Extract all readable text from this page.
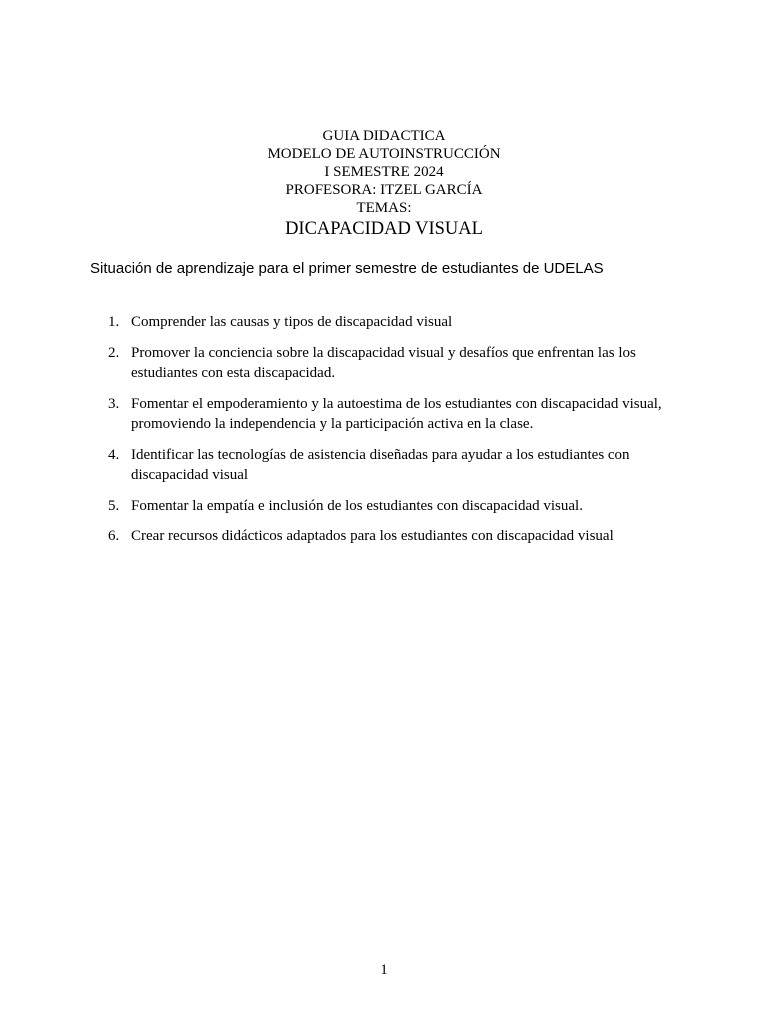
GUIA DIDACTICA
MODELO DE AUTOINSTRUCCIÓN
I SEMESTRE 2024
PROFESORA: ITZEL GARCÍA
TEMAS:
DICAPACIDAD VISUAL
Situación de aprendizaje para el primer semestre de estudiantes de UDELAS
1. Comprender las causas y tipos de discapacidad visual
2. Promover la conciencia sobre la discapacidad visual y desafíos que enfrentan las los estudiantes con esta discapacidad.
3. Fomentar el empoderamiento y la autoestima de los estudiantes con discapacidad visual, promoviendo la independencia y la participación activa en la clase.
4. Identificar las tecnologías de asistencia diseñadas para ayudar a los estudiantes con discapacidad visual
5. Fomentar la empatía e inclusión de los estudiantes con discapacidad visual.
6. Crear recursos didácticos adaptados para los estudiantes con discapacidad visual
1
